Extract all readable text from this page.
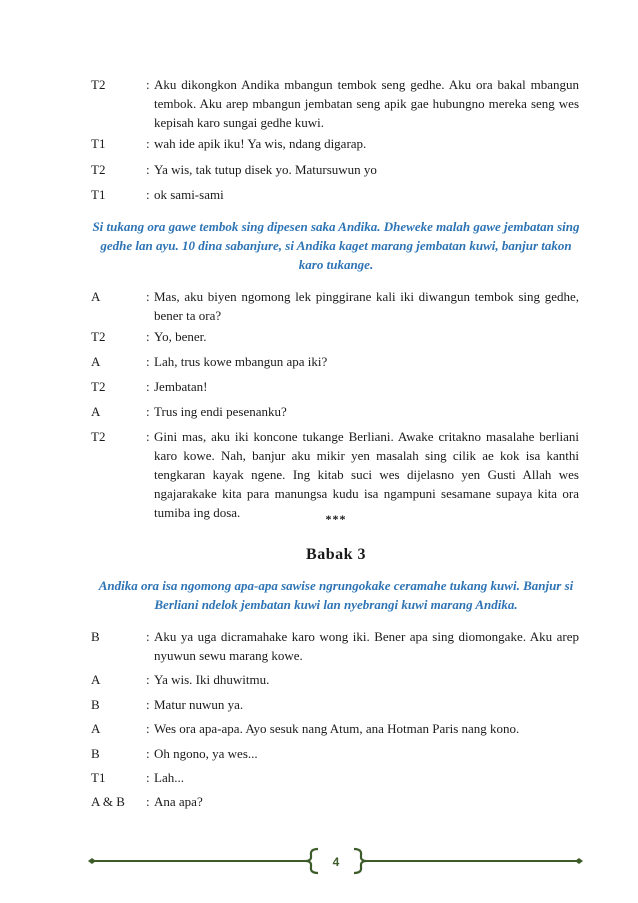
T2	: Aku dikongkon Andika mbangun tembok seng gedhe. Aku ora bakal mbangun tembok. Aku arep mbangun jembatan seng apik gae hubungno mereka seng wes kepisah karo sungai gedhe kuwi.
T1	: wah ide apik iku! Ya wis, ndang digarap.
T2	: Ya wis, tak tutup disek yo. Matursuwun yo
T1	: ok sami-sami
Si tukang ora gawe tembok sing dipesen saka Andika. Dheweke malah gawe jembatan sing gedhe lan ayu. 10 dina sabanjure, si Andika kaget marang jembatan kuwi, banjur takon karo tukange.
A	: Mas, aku biyen ngomong lek pinggirane kali iki diwangun tembok sing gedhe, bener ta ora?
T2	: Yo, bener.
A	: Lah, trus kowe mbangun apa iki?
T2	: Jembatan!
A	: Trus ing endi pesenanku?
T2	: Gini mas, aku iki koncone tukange Berliani. Awake critakno masalahe berliani karo kowe. Nah, banjur aku mikir yen masalah sing cilik ae kok isa kanthi tengkaran kayak ngene. Ing kitab suci wes dijelasno yen Gusti Allah wes ngajarakake kita para manungsa kudu isa ngampuni sesamane supaya kita ora tumiba ing dosa.	***
Babak 3
Andika ora isa ngomong apa-apa sawise ngrungokake ceramahe tukang kuwi. Banjur si Berliani ndelok jembatan kuwi lan nyebrangi kuwi marang Andika.
B	: Aku ya uga dicramahake karo wong iki. Bener apa sing diomongake. Aku arep nyuwun sewu marang kowe.
A	: Ya wis. Iki dhuwitmu.
B	: Matur nuwun ya.
A	: Wes ora apa-apa. Ayo sesuk nang Atum, ana Hotman Paris nang kono.
B	: Oh ngono, ya wes...
T1	: Lah...
A & B : Ana apa?
4
